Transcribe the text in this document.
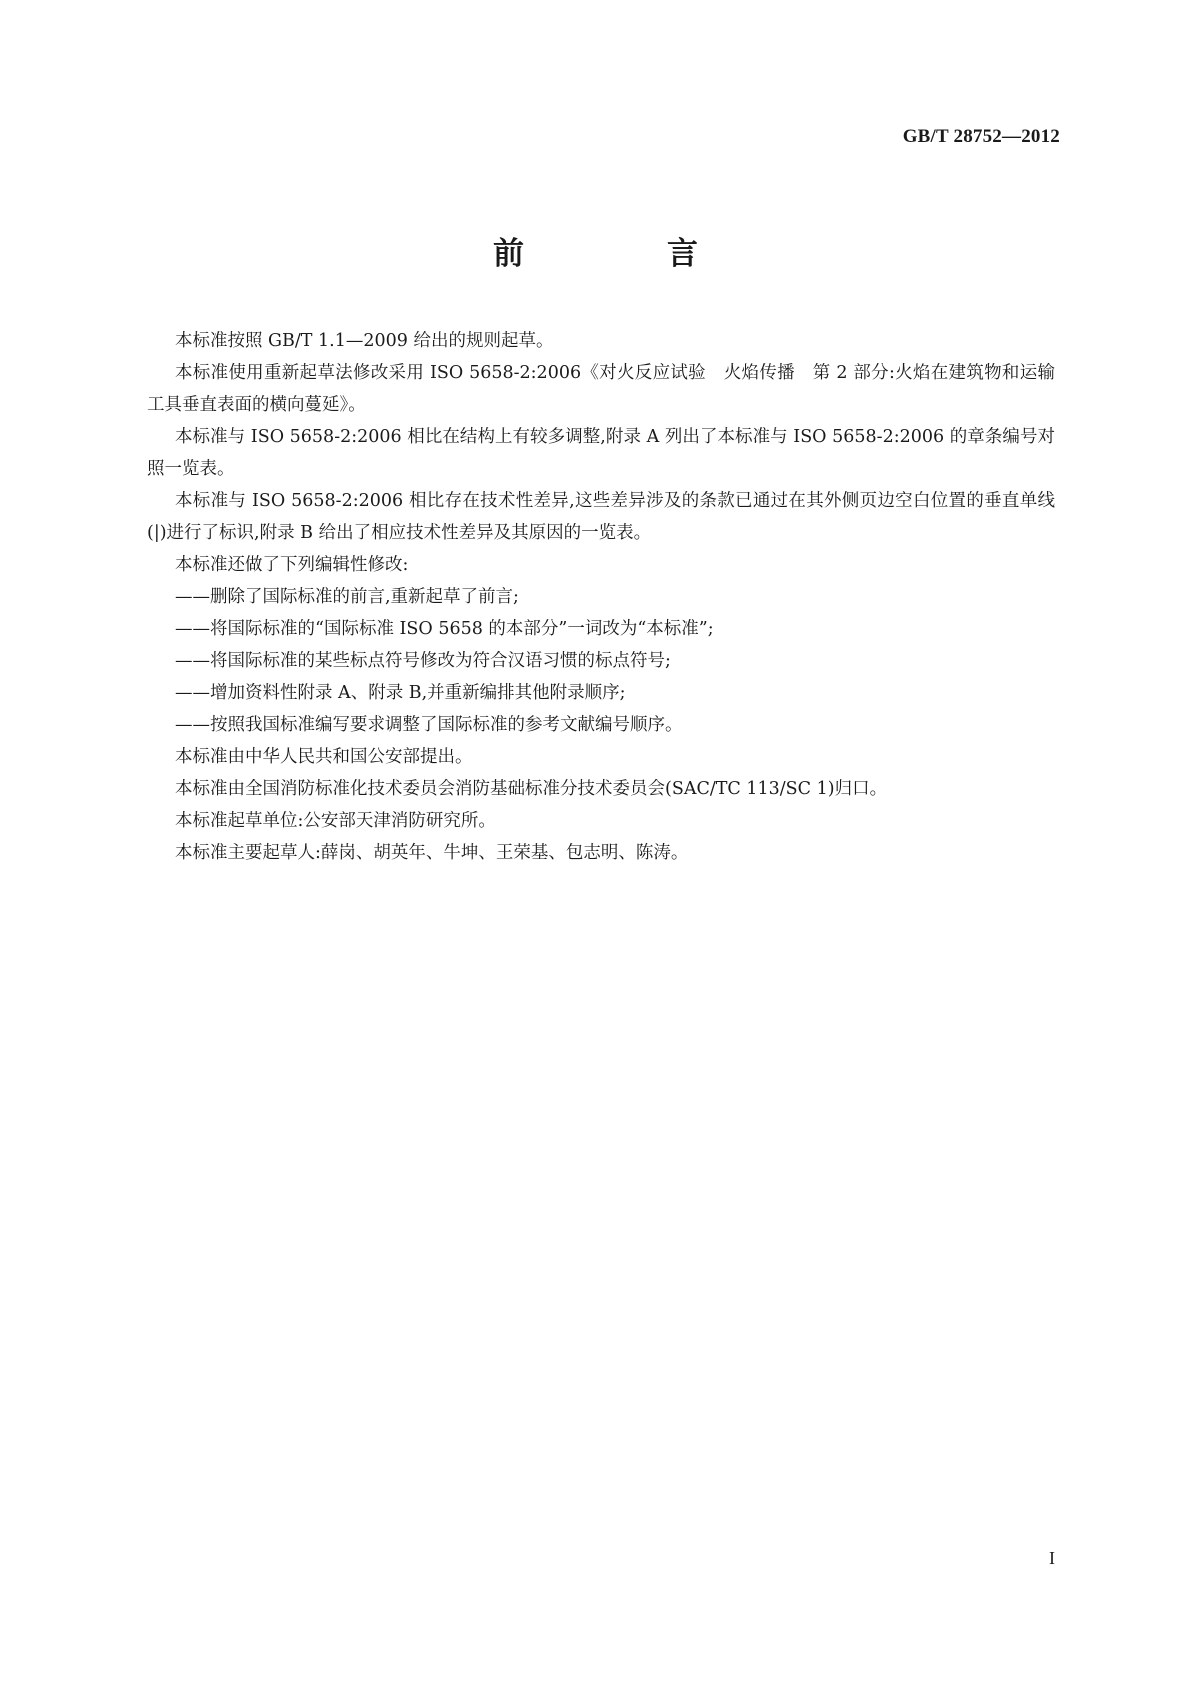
GB/T 28752—2012

前　言

本标准按照 GB/T 1.1—2009 给出的规则起草。

本标准使用重新起草法修改采用 ISO 5658-2:2006《对火反应试验　火焰传播　第 2 部分:火焰在建筑物和运输工具垂直表面的横向蔓延》。

本标准与 ISO 5658-2:2006 相比在结构上有较多调整,附录 A 列出了本标准与 ISO 5658-2:2006 的章条编号对照一览表。

本标准与 ISO 5658-2:2006 相比存在技术性差异,这些差异涉及的条款已通过在其外侧页边空白位置的垂直单线(|)进行了标识,附录 B 给出了相应技术性差异及其原因的一览表。

本标准还做了下列编辑性修改:

——删除了国际标准的前言,重新起草了前言;

——将国际标准的“国际标准 ISO 5658 的本部分”一词改为“本标准”;

——将国际标准的某些标点符号修改为符合汉语习惯的标点符号;

——增加资料性附录 A、附录 B,并重新编排其他附录顺序;

——按照我国标准编写要求调整了国际标准的参考文献编号顺序。

本标准由中华人民共和国公安部提出。

本标准由全国消防标准化技术委员会消防基础标准分技术委员会(SAC/TC 113/SC 1)归口。

本标准起草单位:公安部天津消防研究所。

本标准主要起草人:薛岗、胡英年、牛坤、王荣基、包志明、陈涛。

I
